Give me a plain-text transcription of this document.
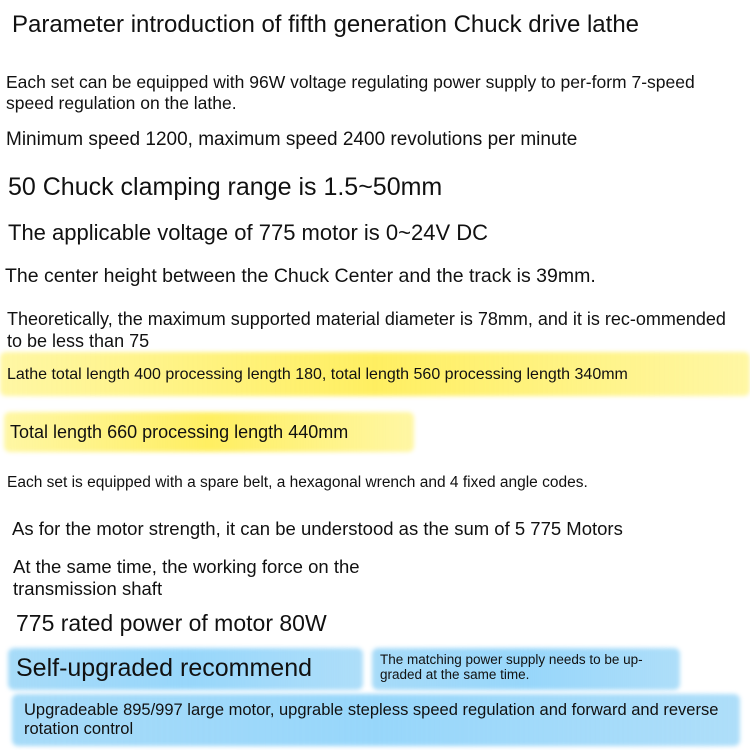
Parameter introduction of fifth generation Chuck drive lathe

Each set can be equipped with 96W voltage regulating power supply to per-form 7-speed speed regulation on the lathe.

Minimum speed 1200, maximum speed 2400 revolutions per minute

50 Chuck clamping range is 1.5~50mm

The applicable voltage of 775 motor is 0~24V DC

The center height between the Chuck Center and the track is 39mm.

Theoretically, the maximum supported material diameter is 78mm, and it is rec-ommended to be less than 75

Lathe total length 400 processing length 180, total length 560 processing length 340mm

Total length 660 processing length 440mm

Each set is equipped with a spare belt, a hexagonal wrench and 4 fixed angle codes.

As for the motor strength, it can be understood as the sum of 5 775 Motors

At the same time, the working force on the transmission shaft

775 rated power of motor 80W

Self-upgraded recommend	The matching power supply needs to be up-graded at the same time.

Upgradeable 895/997 large motor, upgrable stepless speed regulation and forward and reverse rotation control
